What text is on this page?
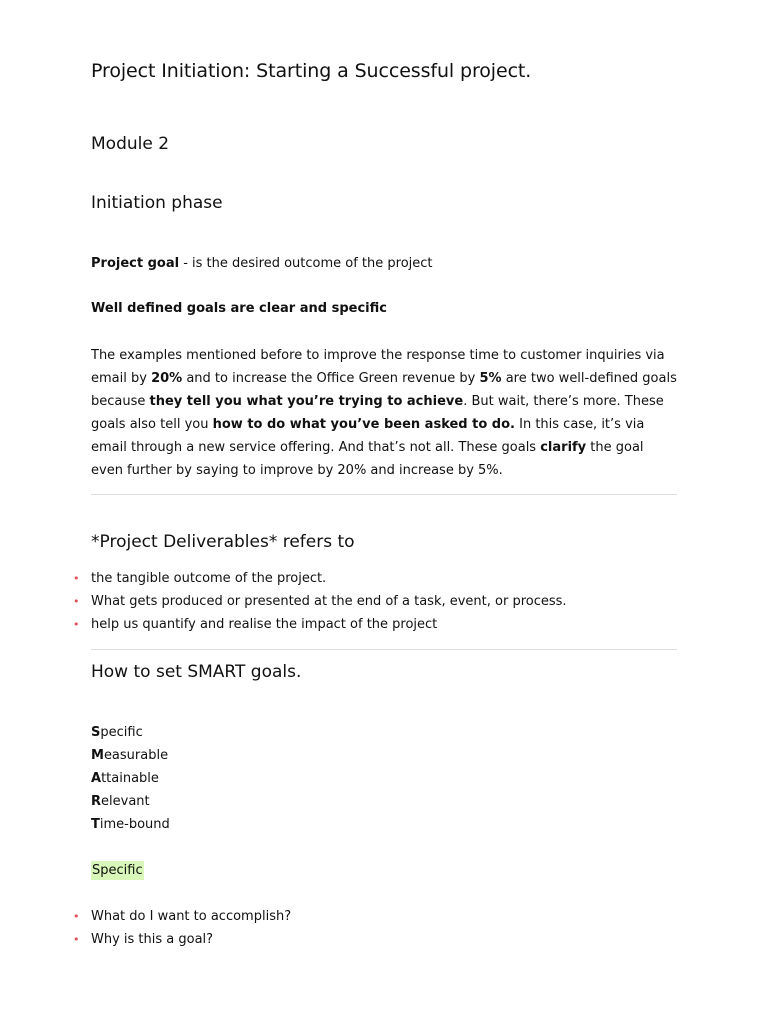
Project Initiation: Starting a Successful project.
Module 2
Initiation phase

Project goal - is the desired outcome of the project

Well defined goals are clear and specific

The examples mentioned before to improve the response time to customer inquiries via email by 20% and to increase the Office Green revenue by 5% are two well-defined goals because they tell you what you’re trying to achieve. But wait, there’s more. These goals also tell you how to do what you’ve been asked to do. In this case, it’s via email through a new service offering. And that’s not all. These goals clarify the goal even further by saying to improve by 20% and increase by 5%.

*Project Deliverables* refers to
• the tangible outcome of the project.
• What gets produced or presented at the end of a task, event, or process.
• help us quantify and realise the impact of the project
How to set SMART goals.
Specific
Measurable
Attainable
Relevant
Time-bound
Specific
• What do I want to accomplish?
• Why is this a goal?
